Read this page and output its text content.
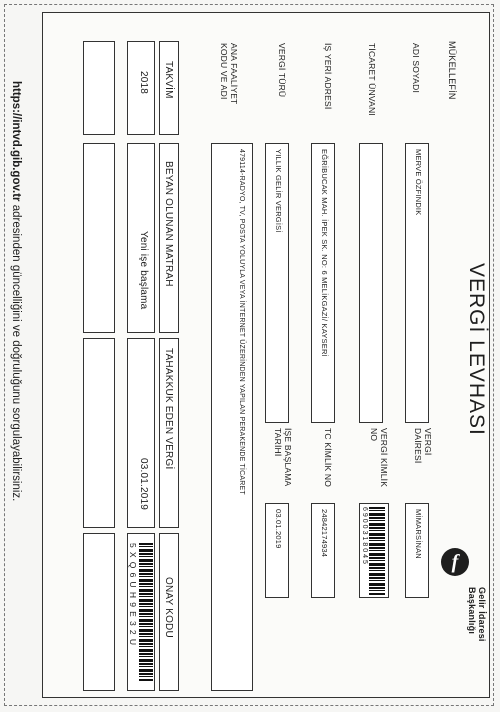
https://intvd.gib.gov.tr adresinden güncelliğini ve doğruluğunu sorgulayabilirsiniz.	VERGİ LEVHASI
f
Gelir İdaresi
Başkanlığı
MÜKELLEFİN
ADI SOYADI
MERVE ÖZFINDIK
TİCARET ÜNVANI
İŞ YERİ ADRESİ
EĞRİBUCAK MAH. İPEK SK. NO: 6 MELİKGAZİ/ KAYSERİ
VERGİ TÜRÜ
YILLIK GELİR VERGİSİ
ANA FAALİYET
KODU VE ADI
479114-RADYO, TV, POSTA YOLUYLA VEYA İNTERNET ÜZERİNDEN YAPILAN PERAKENDE TİCARET	VERGİ
DAİRESİ
MİMARSİNAN
VERGİ KİMLİK
NO
6900318045
TC KİMLİK NO
24842174934
İŞE BAŞLAMA
TARİHİ
03.01.2019
TAKVİM
BEYAN OLUNAN MATRAH
TAHAKKUK EDEN VERGİ
ONAY KODU
2018
Yeni işe başlama
03.01.2019
5XQ6UH9E32U
